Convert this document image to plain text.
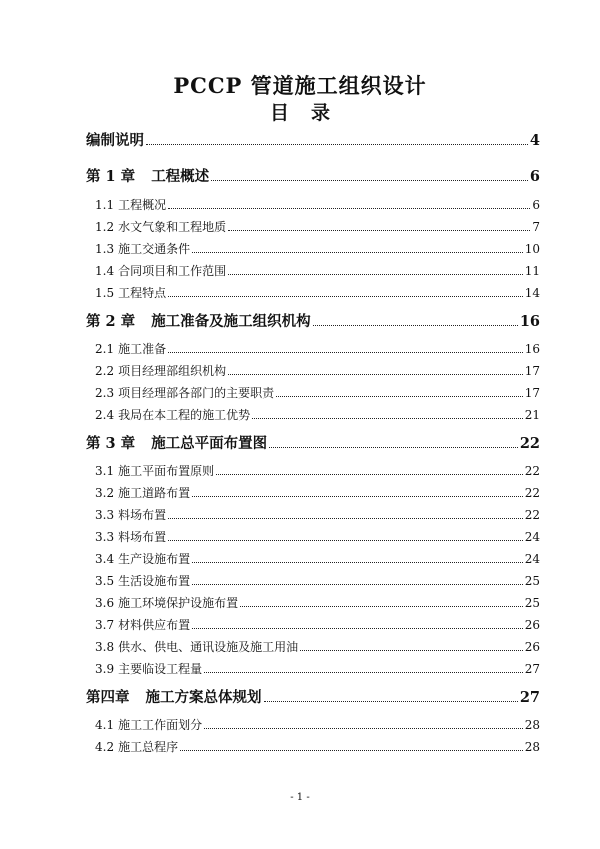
PCCP 管道施工组织设计
目录
编制说明	4
第 1 章 工程概述	6
1.1 工程概况	6
1.2 水文气象和工程地质	7
1.3 施工交通条件	10
1.4 合同项目和工作范围	11
1.5 工程特点	14
第 2 章 施工准备及施工组织机构	16
2.1 施工准备	16
2.2 项目经理部组织机构	17
2.3 项目经理部各部门的主要职责	17
2.4 我局在本工程的施工优势	21
第 3 章 施工总平面布置图	22
3.1 施工平面布置原则	22
3.2 施工道路布置	22
3.3 料场布置	22
3.3 料场布置	24
3.4 生产设施布置	24
3.5 生活设施布置	25
3.6 施工环境保护设施布置	25
3.7 材料供应布置	26
3.8 供水、供电、通讯设施及施工用油	26
3.9 主要临设工程量	27
第四章 施工方案总体规划	27
4.1 施工工作面划分	28
4.2 施工总程序	28
- 1 -
